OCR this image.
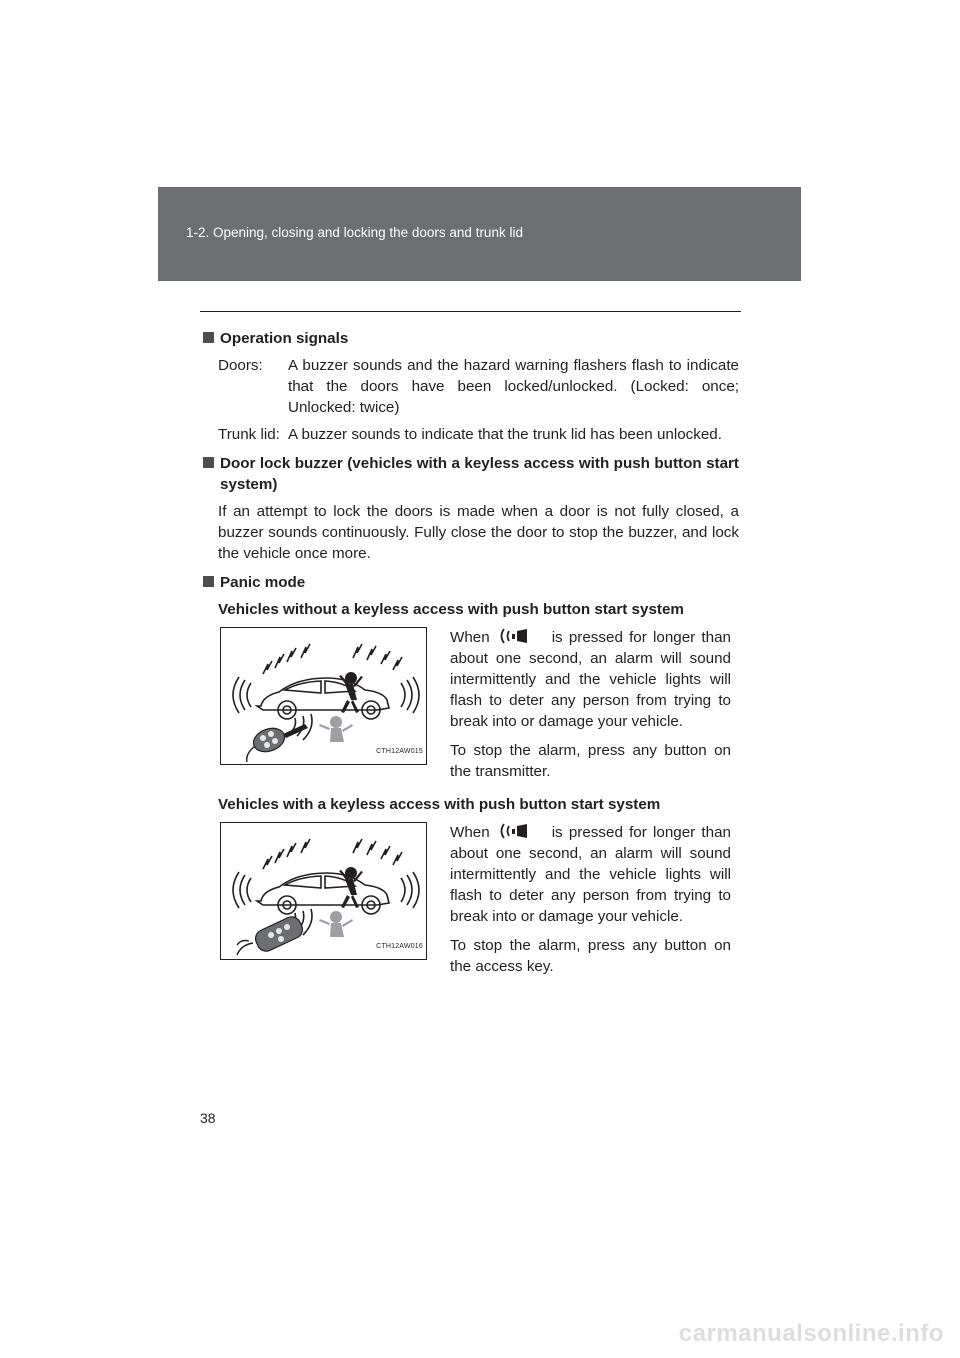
1-2. Opening, closing and locking the doors and trunk lid
Operation signals
Doors:	A buzzer sounds and the hazard warning flashers flash to indicate that the doors have been locked/unlocked. (Locked: once; Unlocked: twice)
Trunk lid: A buzzer sounds to indicate that the trunk lid has been unlocked.
Door lock buzzer (vehicles with a keyless access with push button start system)
If an attempt to lock the doors is made when a door is not fully closed, a buzzer sounds continuously. Fully close the door to stop the buzzer, and lock the vehicle once more.
Panic mode
Vehicles without a keyless access with push button start system
CTH12AW015

When	is pressed for longer than about one second, an alarm will sound intermittently and the vehicle lights will flash to deter any person from trying to break into or damage your vehicle.

To stop the alarm, press any button on the transmitter.

Vehicles with a keyless access with push button start system
CTH12AW016

When	is pressed for longer than about one second, an alarm will sound intermittently and the vehicle lights will flash to deter any person from trying to break into or damage your vehicle.

To stop the alarm, press any button on the access key.

38
carmanualsonline.info
